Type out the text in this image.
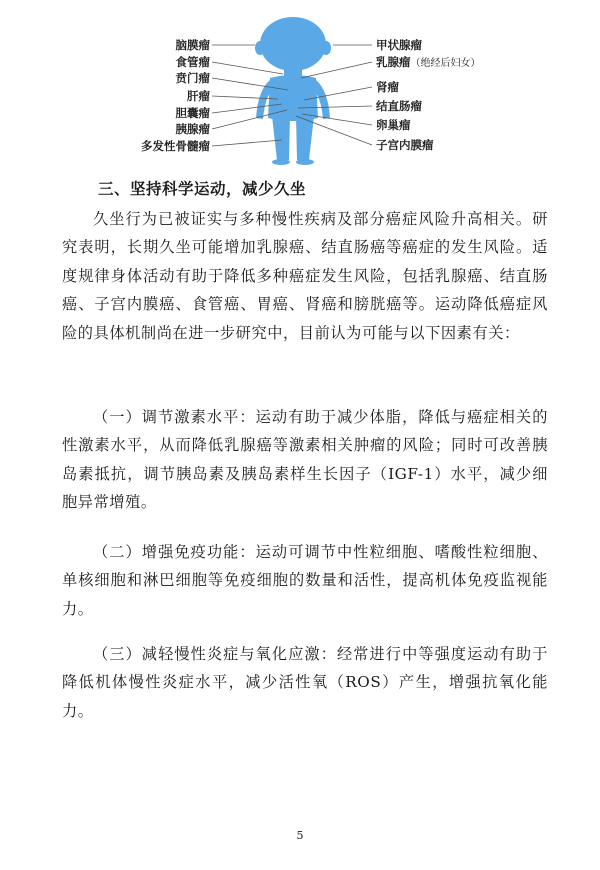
脑膜瘤
食管瘤
贲门瘤
肝瘤
胆囊瘤
胰腺瘤
多发性骨髓瘤
甲状腺瘤
乳腺瘤（绝经后妇女）
肾瘤
结直肠瘤
卵巢瘤
子宫内膜瘤
三、坚持科学运动，减少久坐
久坐行为已被证实与多种慢性疾病及部分癌症风险升高相关。研究表明，长期久坐可能增加乳腺癌、结直肠癌等癌症的发生风险。适度规律身体活动有助于降低多种癌症发生风险，包括乳腺癌、结直肠癌、子宫内膜癌、食管癌、胃癌、肾癌和膀胱癌等。运动降低癌症风险的具体机制尚在进一步研究中，目前认为可能与以下因素有关：
（一）调节激素水平：运动有助于减少体脂，降低与癌症相关的性激素水平，从而降低乳腺癌等激素相关肿瘤的风险；同时可改善胰岛素抵抗，调节胰岛素及胰岛素样生长因子（IGF-1）水平，减少细胞异常增殖。
（二）增强免疫功能：运动可调节中性粒细胞、嗜酸性粒细胞、单核细胞和淋巴细胞等免疫细胞的数量和活性，提高机体免疫监视能力。
（三）减轻慢性炎症与氧化应激：经常进行中等强度运动有助于降低机体慢性炎症水平，减少活性氧（ROS）产生，增强抗氧化能力。
5
